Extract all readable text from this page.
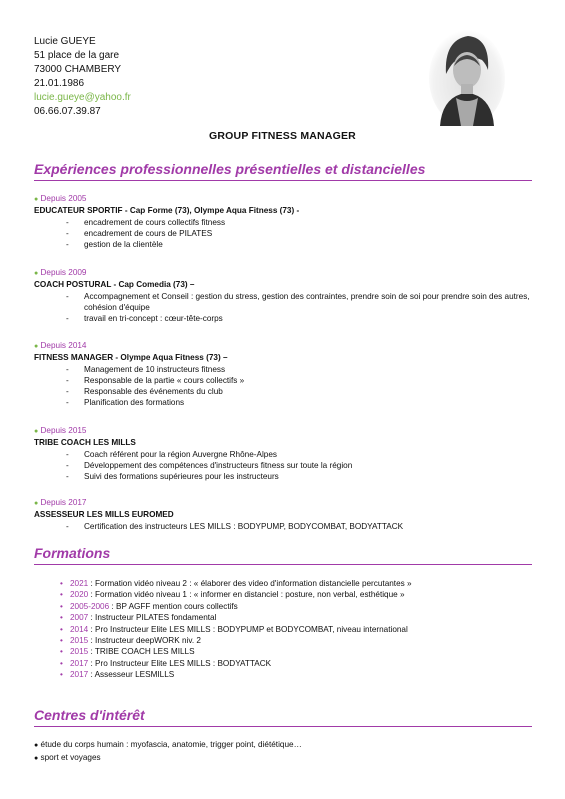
Lucie GUEYE
51 place de la gare
73000 CHAMBERY
21.01.1986
lucie.gueye@yahoo.fr
06.66.07.39.87
GROUP FITNESS MANAGER
Expériences professionnelles présentielles et distancielles
● Depuis 2005
EDUCATEUR SPORTIF - Cap Forme (73), Olympe Aqua Fitness (73) -
- encadrement de cours collectifs fitness
- encadrement de cours de PILATES
- gestion de la clientèle
● Depuis 2009
COACH POSTURAL - Cap Comedia (73) –
- Accompagnement et Conseil : gestion du stress, gestion des contraintes, prendre soin de soi pour prendre soin des autres, cohésion d'équipe
- travail en tri-concept : cœur-tête-corps
● Depuis 2014
FITNESS MANAGER - Olympe Aqua Fitness (73) –
- Management de 10 instructeurs fitness
- Responsable de la partie « cours collectifs »
- Responsable des événements du club
- Planification des formations
● Depuis 2015
TRIBE COACH LES MILLS
- Coach référent pour la région Auvergne Rhône-Alpes
- Développement des compétences d'instructeurs fitness sur toute la région
- Suivi des formations supérieures pour les instructeurs
● Depuis 2017
ASSESSEUR LES MILLS EUROMED
- Certification des instructeurs LES MILLS : BODYPUMP, BODYCOMBAT, BODYATTACK
Formations
• 2021 : Formation vidéo niveau 2 : « élaborer des video d'information distancielle percutantes »
• 2020 : Formation vidéo niveau 1 : « informer en distanciel : posture, non verbal, esthétique »
• 2005-2006 : BP AGFF mention cours collectifs
• 2007 : Instructeur PILATES fondamental
• 2014 : Pro Instructeur Elite LES MILLS : BODYPUMP et BODYCOMBAT, niveau international
• 2015 : Instructeur deepWORK niv. 2
• 2015 : TRIBE COACH LES MILLS
• 2017 : Pro Instructeur Elite LES MILLS : BODYATTACK
• 2017 : Assesseur LESMILLS
Centres d'intérêt
● étude du corps humain : myofascia, anatomie, trigger point, diététique…
● sport et voyages
